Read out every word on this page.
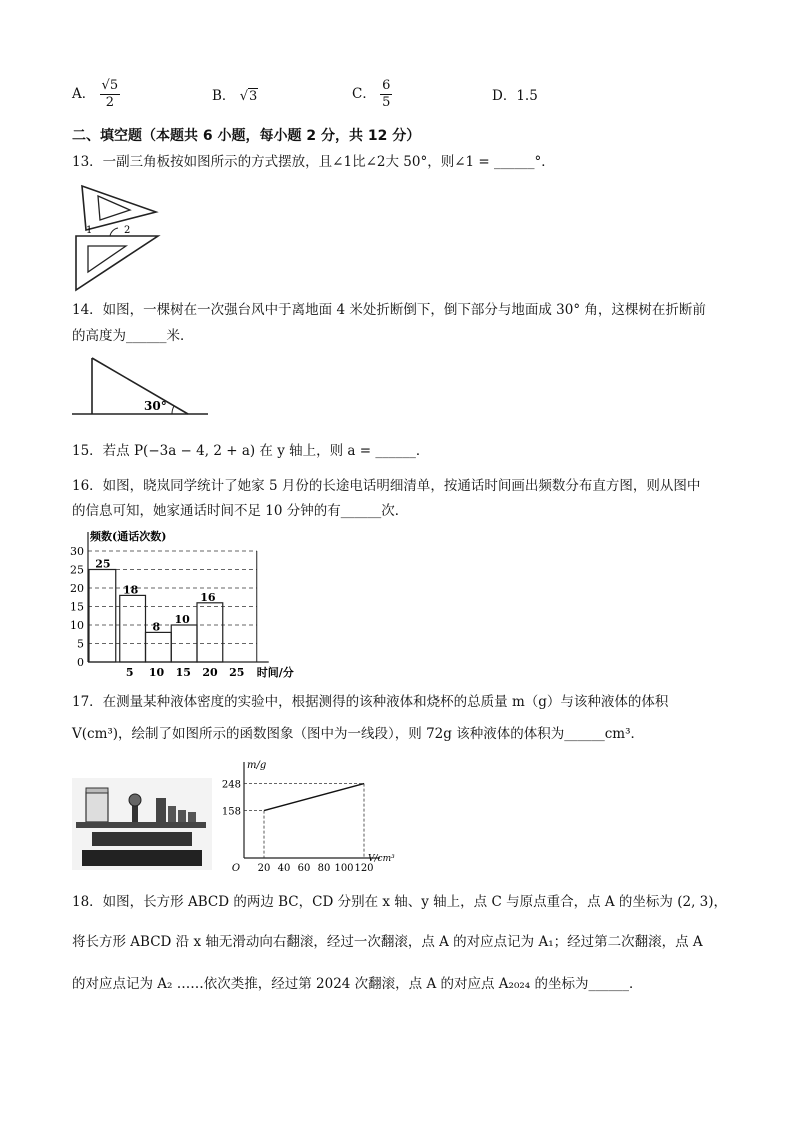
A． $\frac{√5}{2}$	B． √3	C． $\frac{6}{5}$	D．1.5
二、填空题（本题共 6 小题，每小题 2 分，共 12 分）
13．一副三角板按如图所示的方式摆放，且∠1比∠2大 50°，则∠1 = ______°．
1	2
14．如图，一棵树在一次强台风中于离地面 4 米处折断倒下，倒下部分与地面成 30° 角，这棵树在折断前
的高度为______米．
30°
15．若点 P(−3a − 4, 2 + a) 在 y 轴上，则 a = ______．
16．如图，晓岚同学统计了她家 5 月份的长途电话明细清单，按通话时间画出频数分布直方图，则从图中
的信息可知，她家通话时间不足 10 分钟的有______次．
0
5
10
15
20
25
30
25
18
8
10
16
5 10 15 20 25
频数(通话次数)
时间/分
17．在测量某种液体密度的实验中，根据测得的该种液体和烧杯的总质量 m（g）与该种液体的体积
V(cm³)，绘制了如图所示的函数图象（图中为一线段），则 72g 该种液体的体积为______cm³．
158
248
O 20 40 60 80 100 120
m/g
V/cm³
18．如图，长方形 ABCD 的两边 BC，CD 分别在 x 轴、y 轴上，点 C 与原点重合，点 A 的坐标为 (2, 3)，
将长方形 ABCD 沿 x 轴无滑动向右翻滚，经过一次翻滚，点 A 的对应点记为 A₁；经过第二次翻滚，点 A
的对应点记为 A₂ ……依次类推，经过第 2024 次翻滚，点 A 的对应点 A₂₀₂₄ 的坐标为______．
